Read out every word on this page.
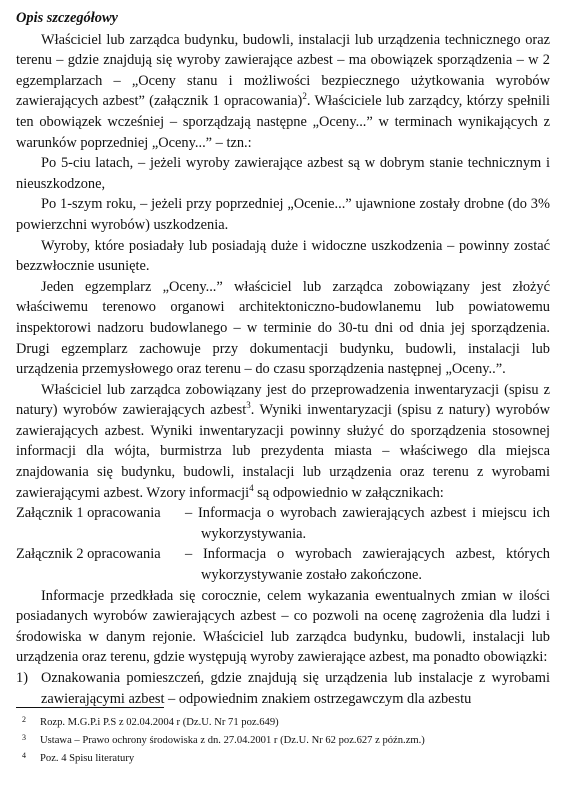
Opis szczegółowy

Właściciel lub zarządca budynku, budowli, instalacji lub urządzenia technicznego oraz terenu – gdzie znajdują się wyroby zawierające azbest – ma obowiązek sporządzenia – w 2 egzemplarzach – „Oceny stanu i możliwości bezpiecznego użytkowania wyrobów zawierających azbest” (załącznik 1 opracowania)$^2$. Właściciele lub zarządcy, którzy spełnili ten obowiązek wcześniej – sporządzają następne „Oceny...” w terminach wynikających z warunków poprzedniej „Oceny...” – tzn.:

Po 5-ciu latach, – jeżeli wyroby zawierające azbest są w dobrym stanie technicznym i nieuszkodzone,

Po 1-szym roku, – jeżeli przy poprzedniej „Ocenie...” ujawnione zostały drobne (do 3% powierzchni wyrobów) uszkodzenia.

Wyroby, które posiadały lub posiadają duże i widoczne uszkodzenia – powinny zostać bezzwłocznie usunięte.

Jeden egzemplarz „Oceny...” właściciel lub zarządca zobowiązany jest złożyć właściwemu terenowo organowi architektoniczno-budowlanemu lub powiatowemu inspektorowi nadzoru budowlanego – w terminie do 30-tu dni od dnia jej sporządzenia. Drugi egzemplarz zachowuje przy dokumentacji budynku, budowli, instalacji lub urządzenia przemysłowego oraz terenu – do czasu sporządzenia następnej „Oceny..”.

Właściciel lub zarządca zobowiązany jest do przeprowadzenia inwentaryzacji (spisu z natury) wyrobów zawierających azbest$^3$. Wyniki inwentaryzacji (spisu z natury) wyrobów zawierających azbest. Wyniki inwentaryzacji powinny służyć do sporządzenia stosownej informacji dla wójta, burmistrza lub prezydenta miasta – właściwego dla miejsca znajdowania się budynku, budowli, instalacji lub urządzenia oraz terenu z wyrobami zawierającymi azbest. Wzory informacji$^4$ są odpowiednio w załącznikach:

Załącznik 1 opracowania	– Informacja o wyrobach zawierających azbest i miejscu ich wykorzystywania.
Załącznik 2 opracowania	– Informacja o wyrobach zawierających azbest, których wykorzystywanie zostało zakończone.

Informacje przedkłada się corocznie, celem wykazania ewentualnych zmian w ilości posiadanych wyrobów zawierających azbest – co pozwoli na ocenę zagrożenia dla ludzi i środowiska w danym rejonie. Właściciel lub zarządca budynku, budowli, instalacji lub urządzenia oraz terenu, gdzie występują wyroby zawierające azbest, ma ponadto obowiązki:

1) Oznakowania pomieszczeń, gdzie znajdują się urządzenia lub instalacje z wyrobami zawierającymi azbest – odpowiednim znakiem ostrzegawczym dla azbestu
2	Rozp. M.G.P.i P.S z 02.04.2004 r (Dz.U. Nr 71 poz.649)
3	Ustawa – Prawo ochrony środowiska z dn. 27.04.2001 r (Dz.U. Nr 62 poz.627 z późn.zm.)
4	Poz. 4 Spisu literatury
